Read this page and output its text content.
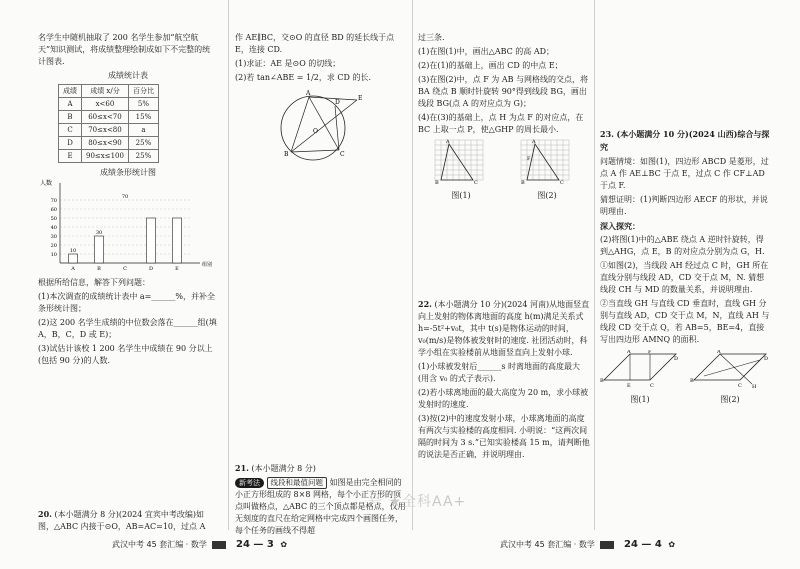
名学生中随机抽取了 200 名学生参加“航空航天”知识测试，将成绩整理绘制成如下不完整的统计图表.

成绩统计表
成绩	成绩 x/分	百分比
A	x<60	5%
B	60≤x<70	15%
C	70≤x<80	a
D	80≤x<90	25%
E	90≤x≤100	25%
成绩条形统计图
10
20
30
40
50
60
70
人数
组别
A
10
B
30
C
70
D	E

根据所给信息，解答下列问题：

(1)本次调查的成绩统计表中 a=______%，并补全条形统计图；

(2)这 200 名学生成绩的中位数会落在______组(填 A，B，C，D 或 E)；

(3)试估计该校 1 200 名学生中成绩在 90 分以上(包括 90 分)的人数.

20. (本小题满分 8 分)(2024 宜宾中考改编)如图，△ABC 内接于⊙O，AB=AC=10，过点 A

作 AE∥BC，交⊙O 的直径 BD 的延长线于点 E，连接 CD.

(1)求证：AE 是⊙O 的切线；

(2)若 tan∠ABE = 1/2，求 CD 的长.

A
E
D
O
B	C

21. (本小题满分 8 分)

新考法 线段和最值问题 如图是由完全相同的小正方形组成的 8×8 网格，每个小正方形的顶点叫做格点，△ABC 的三个顶点都是格点，仅用无刻度的直尺在给定网格中完成四个画图任务，每个任务的画线不得超

过三条.

(1)在图(1)中，画出△ABC 的高 AD；

(2)在(1)的基础上，画出 CD 的中点 E；

(3)在图(2)中，点 F 为 AB 与网格线的交点，将 BA 绕点 B 顺时针旋转 90°得到线段 BG，画出线段 BG(点 A 的对应点为 G)；

(4)在(3)的基础上，点 H 为点 F 的对应点，在 BC 上取一点 P，使△GHP 的周长最小.

A
B	C
图(1)
A
B	C
F
图(2)

22. (本小题满分 10 分)(2024 河南)从地面竖直向上发射的物体离地面的高度 h(m)满足关系式 h=-5t²+v₀t，其中 t(s)是物体运动的时间，v₀(m/s)是物体被发射时的速度. 社团活动时，科学小组在实验楼前从地面竖直向上发射小球.

(1)小球被发射后______s 时离地面的高度最大(用含 v₀ 的式子表示).

(2)若小球离地面的最大高度为 20 m，求小球被发射时的速度.

(3)按(2)中的速度发射小球，小球离地面的高度有两次与实验楼的高度相同. 小明说：“这两次间隔的时间为 3 s.”已知实验楼高 15 m，请判断他的说法是否正确，并说明理由.

23. (本小题满分 10 分)(2024 山西)综合与探究

问题情境：如图(1)，四边形 ABCD 是菱形，过点 A 作 AE⊥BC 于点 E，过点 C 作 CF⊥AD 于点 F.

猜想证明：(1)判断四边形 AECF 的形状，并说明理由.

深入探究：

(2)将图(1)中的△ABE 绕点 A 逆时针旋转，得到△AHG，点 E，B 的对应点分别为点 G，H.

①如图(2)，当线段 AH 经过点 C 时，GH 所在直线分别与线段 AD，CD 交于点 M，N. 猜想线段 CH 与 MD 的数量关系，并说明理由.

②当直线 GH 与直线 CD 垂直时，直线 GH 分别与直线 AD，CD 交于点 M，N，直线 AH 与线段 CD 交于点 Q，若 AB=5，BE=4，直接写出四边形 AMNQ 的面积.

A	F
D
B
E	C
图(1)
A
D
B
C H
图(2)
武汉中考 45 套汇编 · 数学	24 — 3 ✿	武汉中考 45 套汇编 · 数学	24 — 4 ✿
号 ★全科AA+
